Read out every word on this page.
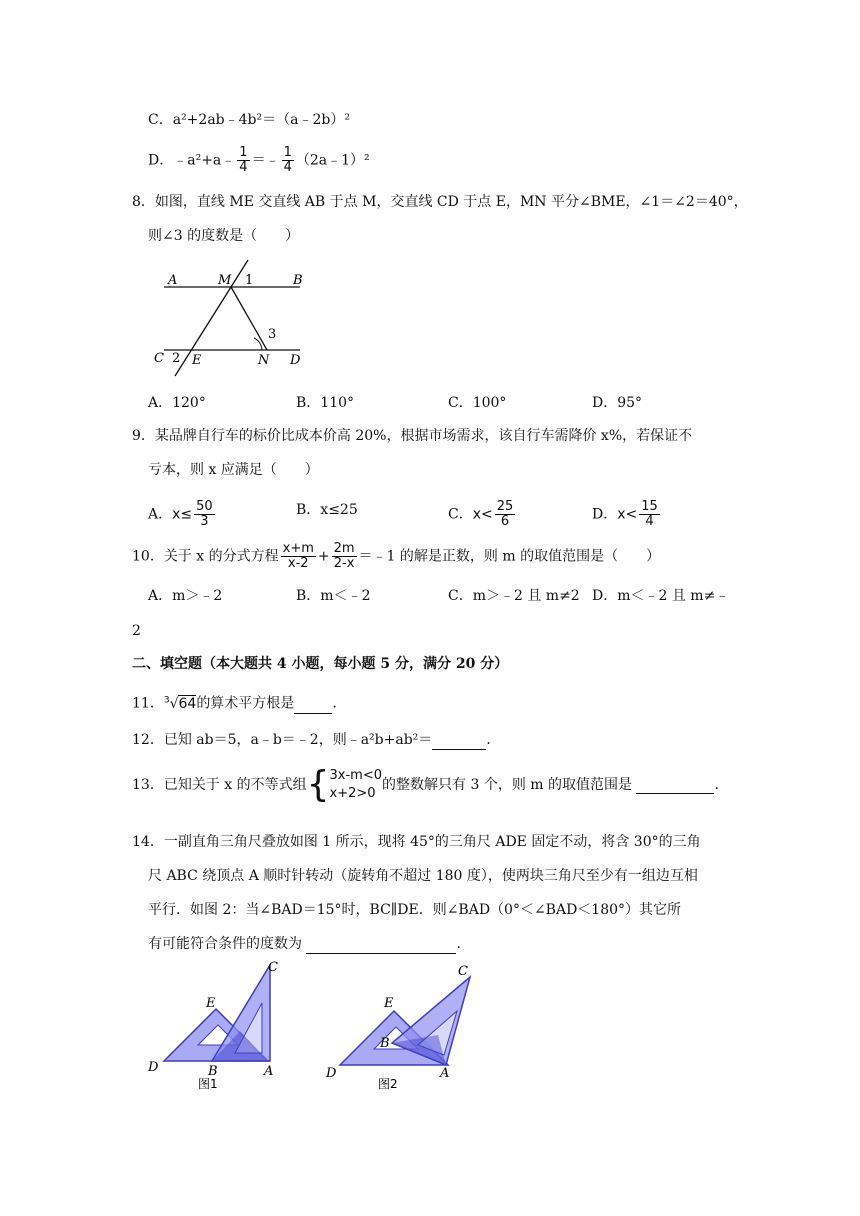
C．a²+2ab﹣4b²＝（a﹣2b）²
D．﹣a²+a﹣ $\frac{1}{4}$ ＝﹣ $\frac{1}{4}$ （2a﹣1）²
8．如图，直线 ME 交直线 AB 于点 M，交直线 CD 于点 E，MN 平分∠BME，∠1＝∠2＝40°，
则∠3 的度数是（　　）
A	M 1	B
3
C 2 E	N D
A．120°	B．110°	C．100°	D．95°
9．某品牌自行车的标价比成本价高 20%，根据市场需求，该自行车需降价 x%，若保证不
亏本，则 x 应满足（　　）
A．$x\le \frac{50}{3}$	B．x≤25	C．$x< \frac{25}{6}$	D．$x< \frac{15}{4}$
10．关于 x 的分式方程 $\frac{x+m}{x-2} + \frac{2m}{2-x}$ ＝﹣1 的解是正数，则 m 的取值范围是（　　）
A．m＞﹣2	B．m＜﹣2	C．m＞﹣2 且 m≠2 D．m＜﹣2 且 m≠﹣
2
二、填空题（本大题共 4 小题，每小题 5 分，满分 20 分）
11．$^3$√64的算术平方根是	.
12．已知 ab＝5，a﹣b＝﹣2，则﹣a²b+ab²＝	.
13．已知关于 x 的不等式组{ 3x-m<0
x+2>0
的整数解只有 3 个，则 m 的取值范围是	.
14．一副直角三角尺叠放如图 1 所示，现将 45°的三角尺 ADE 固定不动，将含 30°的三角
尺 ABC 绕顶点 A 顺时针转动（旋转角不超过 180 度），使两块三角尺至少有一组边互相
平行．如图 2：当∠BAD＝15°时，BC∥DE．则∠BAD（0°＜∠BAD＜180°）其它所
有可能符合条件的度数为	.
C
E
D	B	A
图1
C
E
B
D	A
图2
